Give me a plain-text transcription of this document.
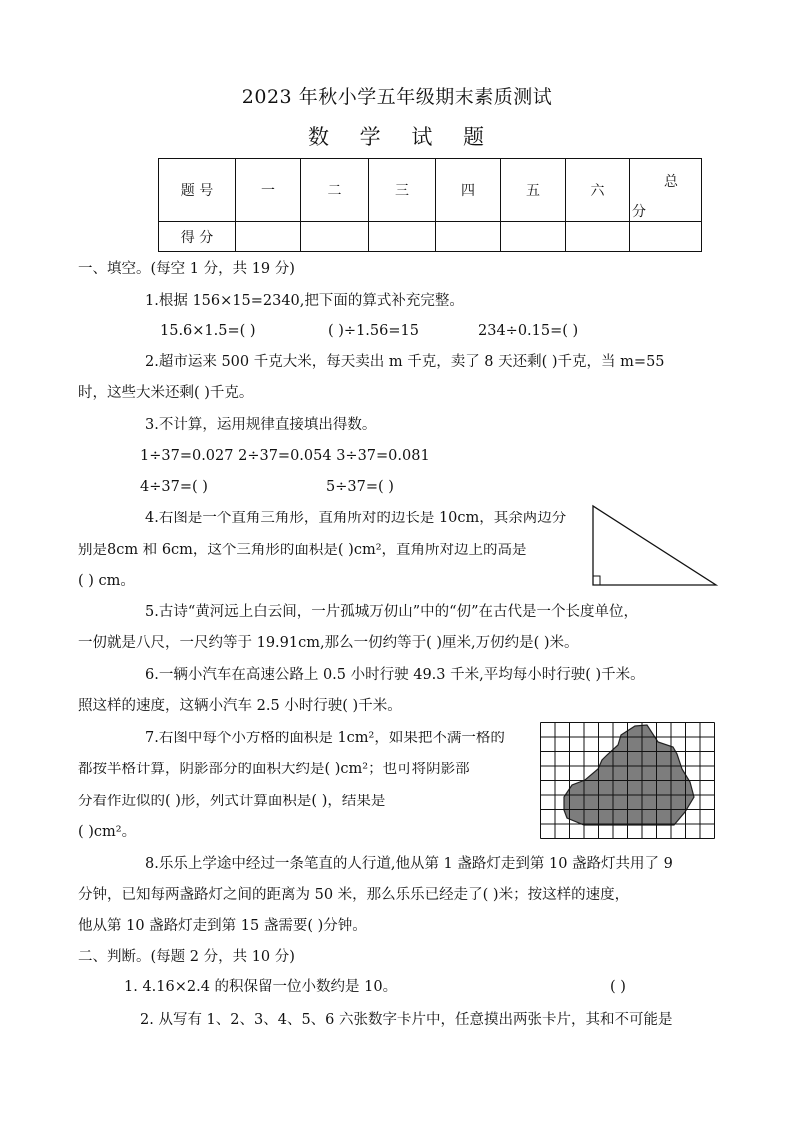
2023 年秋小学五年级期末素质测试
数 学 试 题
题 号	一	二	三	四	五	六	总
分

得 分							
一、填空。(每空 1 分，共 19 分)
1.根据 156×15=2340,把下面的算式补充完整。
15.6×1.5=( )	( )÷1.56=15	234÷0.15=( )
2.超市运来 500 千克大米，每天卖出 m 千克，卖了 8 天还剩( )千克，当 m=55
时，这些大米还剩( )千克。
3.不计算，运用规律直接填出得数。
1÷37=0.027 2÷37=0.054 3÷37=0.081
4÷37=( )	5÷37=( )
4.右图是一个直角三角形，直角所对的边长是 10cm，其余两边分
别是8cm 和 6cm，这个三角形的面积是( )cm²，直角所对边上的高是
( ) cm。
5.古诗“黄河远上白云间，一片孤城万仞山”中的“仞”在古代是一个长度单位，
一仞就是八尺，一尺约等于 19.91cm,那么一仞约等于( )厘米,万仞约是( )米。
6.一辆小汽车在高速公路上 0.5 小时行驶 49.3 千米,平均每小时行驶( )千米。
照这样的速度，这辆小汽车 2.5 小时行驶( )千米。
7.右图中每个小方格的面积是 1cm²，如果把不满一格的
都按半格计算，阴影部分的面积大约是( )cm²；也可将阴影部
分看作近似的( )形，列式计算面积是( )，结果是
( )cm²。
8.乐乐上学途中经过一条笔直的人行道,他从第 1 盏路灯走到第 10 盏路灯共用了 9
分钟，已知每两盏路灯之间的距离为 50 米，那么乐乐已经走了( )米；按这样的速度，
他从第 10 盏路灯走到第 15 盏需要( )分钟。
二、判断。(每题 2 分，共 10 分)
1. 4.16×2.4 的积保留一位小数约是 10。	( )
2. 从写有 1、2、3、4、5、6 六张数字卡片中，任意摸出两张卡片，其和不可能是
